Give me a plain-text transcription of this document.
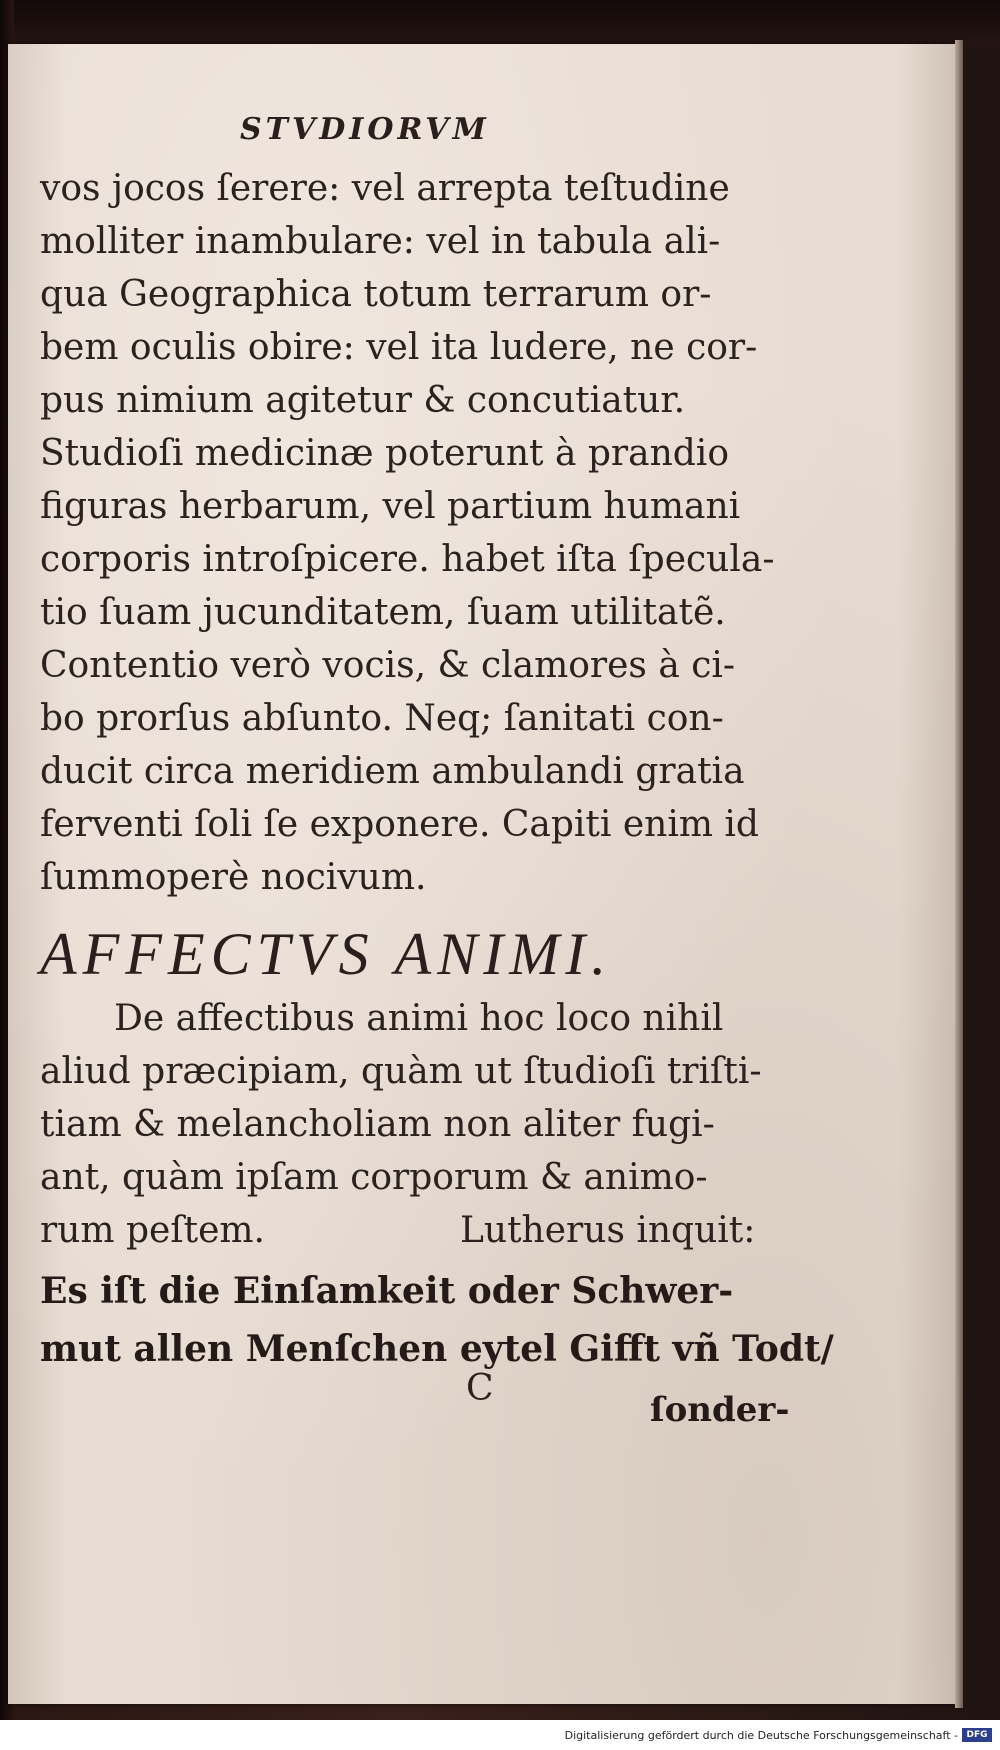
STVDIORVM
vos jocos ſerere: vel arrepta teſtudine
molliter inambulare: vel in tabula ali-
qua Geographica totum terrarum or-
bem oculis obire: vel ita ludere, ne cor-
pus nimium agitetur & concutiatur.
Studioſi medicinæ poterunt à prandio
figuras herbarum, vel partium humani
corporis introſpicere. habet iſta ſpecula-
tio ſuam jucunditatem, ſuam utilitatẽ.
Contentio verò vocis, & clamores à ci-
bo prorſus abſunto. Neq; ſanitati con-
ducit circa meridiem ambulandi gratia
ferventi ſoli ſe exponere. Capiti enim id
ſummoperè nocivum.
AFFECTVS ANIMI.
De affectibus animi hoc loco nihil
aliud præcipiam, quàm ut ſtudioſi triſti-
tiam & melancholiam non aliter fugi-
ant, quàm ipſam corporum & animo-
rum peſtem.	Lutherus inquit:
Es iſt die Einſamkeit oder Schwer-
mut allen Menſchen eytel Gifft vñ Todt/
C
ſonder-
Digitalisierung gefördert durch die Deutsche Forschungsgemeinschaft - DFG
